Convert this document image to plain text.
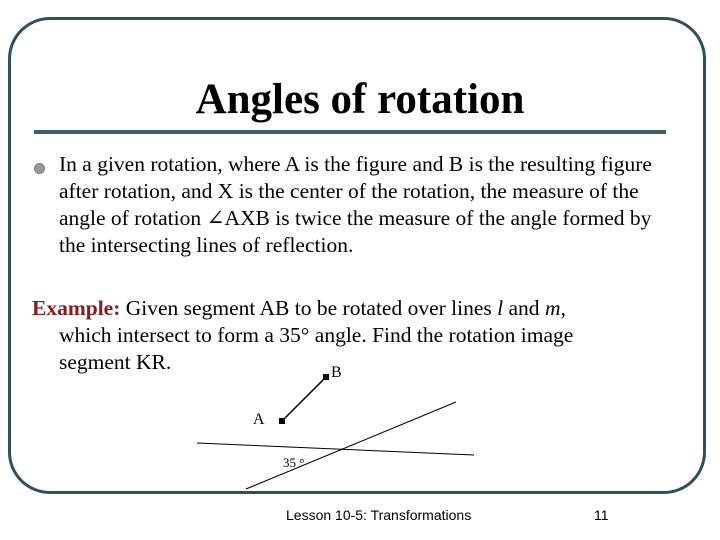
Angles of rotation
In a given rotation, where A is the figure and B is the resulting figure after rotation, and X is the center of the rotation, the measure of the angle of rotation ∠AXB is twice the measure of the angle formed by the intersecting lines of reflection.
Example: Given segment AB to be rotated over lines l and m,
which intersect to form a 35° angle. Find the rotation image
segment KR.	B
A
35 °
Lesson 10-5: Transformations	11
